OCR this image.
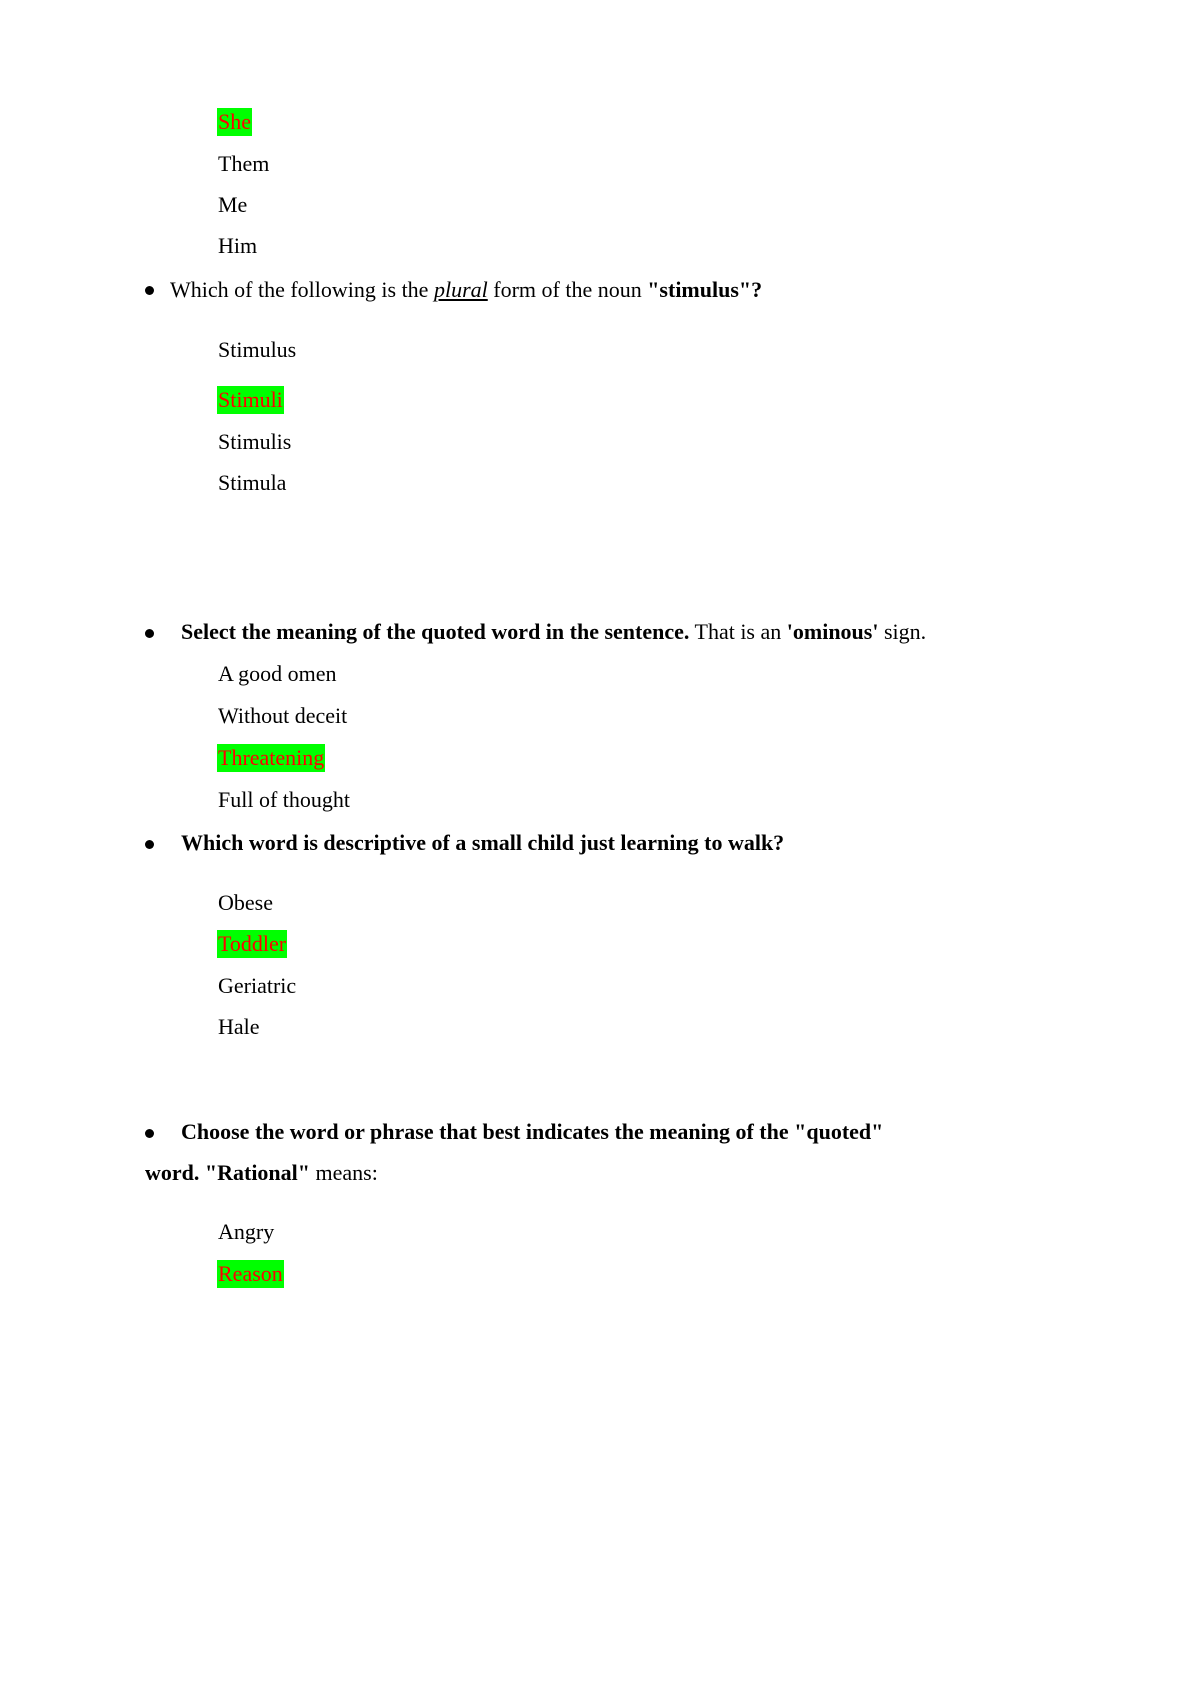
She
Them
Me
Him
Which of the following is the plural form of the noun "stimulus"?
Stimulus
Stimuli
Stimulis
Stimula
Select the meaning of the quoted word in the sentence. That is an 'ominous' sign.
A good omen
Without deceit
Threatening
Full of thought
Which word is descriptive of a small child just learning to walk?
Obese
Toddler
Geriatric
Hale
Choose the word or phrase that best indicates the meaning of the "quoted"
word. "Rational" means:
Angry
Reason
